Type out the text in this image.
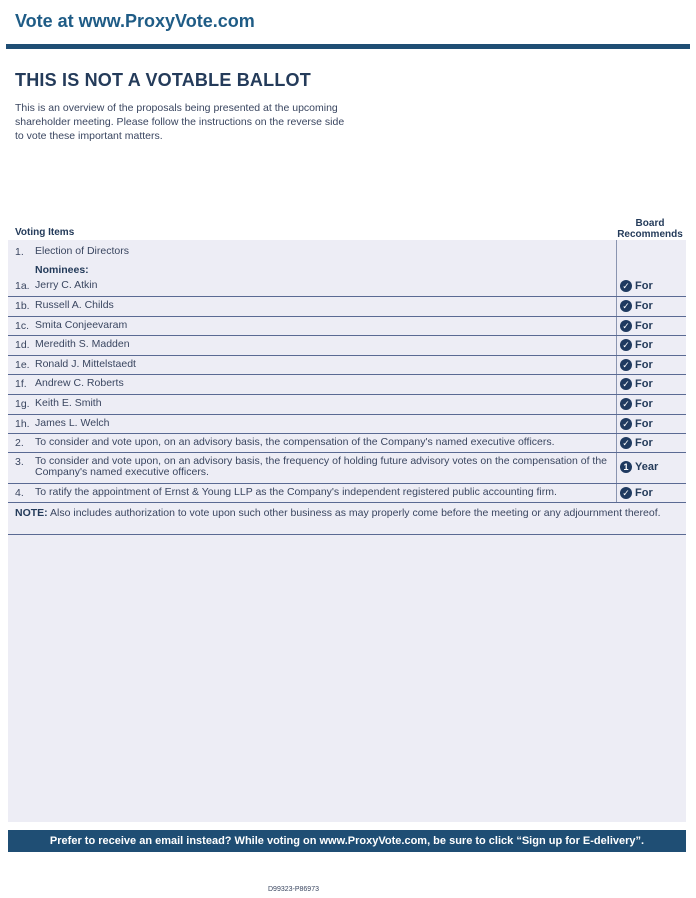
Vote at www.ProxyVote.com
THIS IS NOT A VOTABLE BALLOT
This is an overview of the proposals being presented at the upcoming shareholder meeting. Please follow the instructions on the reverse side to vote these important matters.
Voting Items
Board Recommends
1. Election of Directors
Nominees:
1a. Jerry C. Atkin	✓ For
1b. Russell A. Childs	✓ For
1c. Smita Conjeevaram	✓ For
1d. Meredith S. Madden	✓ For
1e. Ronald J. Mittelstaedt	✓ For
1f. Andrew C. Roberts	✓ For
1g. Keith E. Smith	✓ For
1h. James L. Welch	✓ For
2. To consider and vote upon, on an advisory basis, the compensation of the Company's named executive officers.	✓ For
3. To consider and vote upon, on an advisory basis, the frequency of holding future advisory votes on the compensation of the Company's named executive officers.	1 Year
4. To ratify the appointment of Ernst & Young LLP as the Company's independent registered public accounting firm.	✓ For
NOTE: Also includes authorization to vote upon such other business as may properly come before the meeting or any adjournment thereof.
Prefer to receive an email instead? While voting on www.ProxyVote.com, be sure to click “Sign up for E-delivery”.
D99323-P86973
